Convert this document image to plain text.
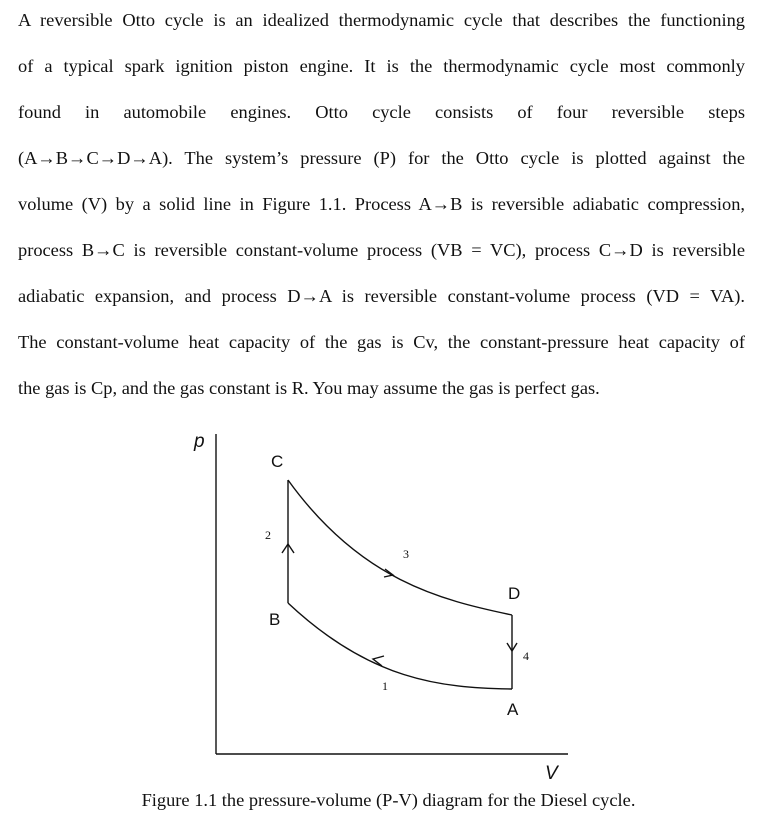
A reversible Otto cycle is an idealized thermodynamic cycle that describes the functioning
of a typical spark ignition piston engine. It is the thermodynamic cycle most commonly
found in automobile engines. Otto cycle consists of four reversible steps
(A→B→C→D→A). The system’s pressure (P) for the Otto cycle is plotted against the
volume (V) by a solid line in Figure 1.1. Process A→B is reversible adiabatic compression,
process B→C is reversible constant-volume process (VB = VC), process C→D is reversible
adiabatic expansion, and process D→A is reversible constant-volume process (VD = VA).
The constant-volume heat capacity of the gas is Cv, the constant-pressure heat capacity of
the gas is Cp, and the gas constant is R. You may assume the gas is perfect gas.
p
V
C
B
D
A
2
3
4
1
Figure 1.1 the pressure-volume (P-V) diagram for the Diesel cycle.
